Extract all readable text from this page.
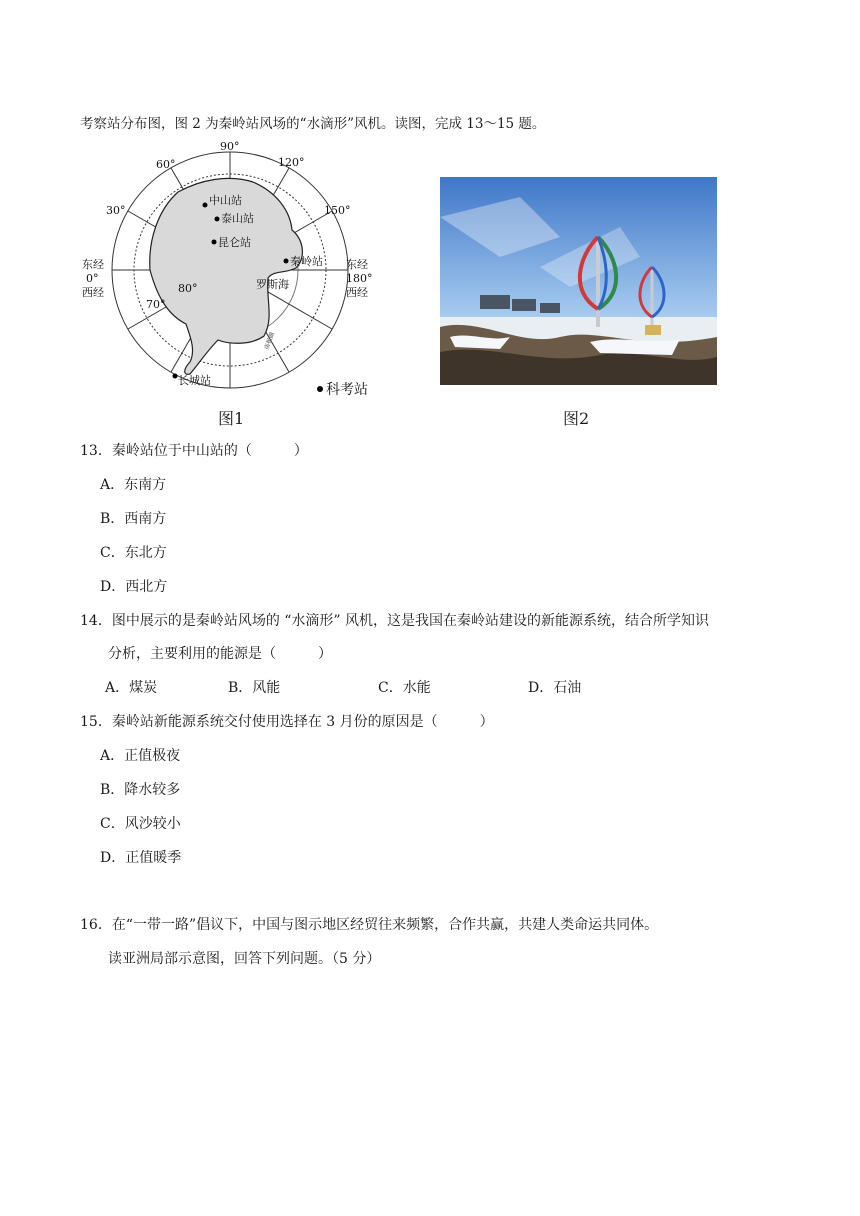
考察站分布图，图 2 为秦岭站风场的“水滴形”风机。读图，完成 13～15 题。
中山站
泰山站
昆仑站
秦岭站
长城站
罗斯海
90°
60°	120°
30°	150°
东经
0°
西经
东经
180°
西经
70°
80°
科考站
南极圈
图1	图2
13．秦岭站位于中山站的（　　　）
A．东南方
B．西南方
C．东北方
D．西北方
14．图中展示的是秦岭站风场的 “水滴形” 风机，这是我国在秦岭站建设的新能源系统，结合所学知识
分析，主要利用的能源是（　　　）
A．煤炭	B．风能	C．水能	D．石油
15．秦岭站新能源系统交付使用选择在 3 月份的原因是（　　　）
A．正值极夜
B．降水较多
C．风沙较小
D．正值暖季
16．在“一带一路”倡议下，中国与图示地区经贸往来频繁，合作共赢，共建人类命运共同体。
读亚洲局部示意图，回答下列问题。（5 分）
